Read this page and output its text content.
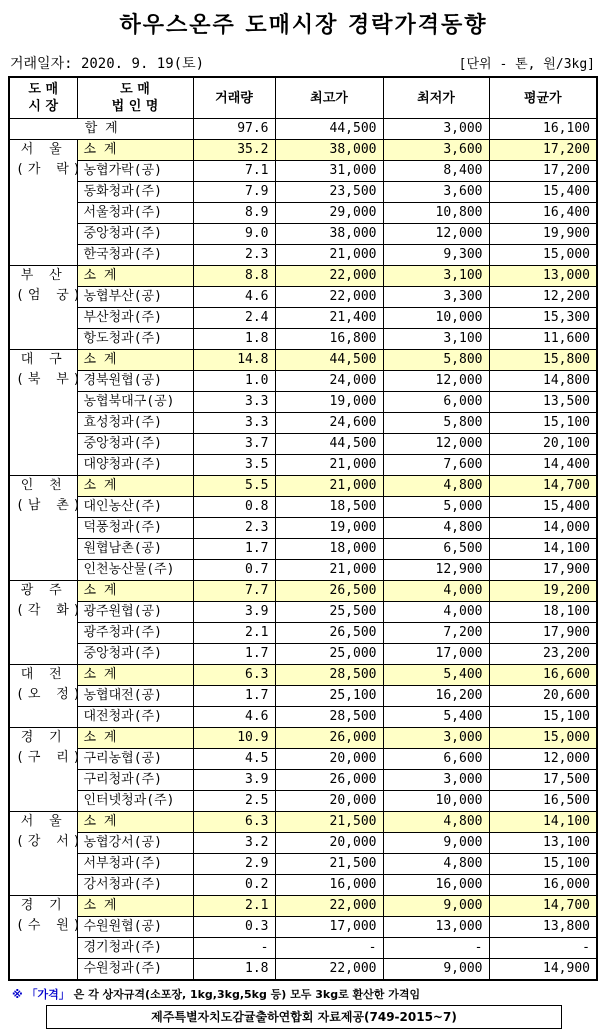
하우스온주 도매시장 경락가격동향
거래일자: 2020. 9. 19(토)	[단위 - 톤, 원/3kg]
도 매
시 장	도 매
법 인 명	거래량	최고가	최저가	평균가
합 계		97.6	44,500	3,000	16,100

서 울
(가 락)	소 계	35.2	38,000	3,600	17,200
	농협가락(공)	7.1	31,000	8,400	17,200
	동화청과(주)	7.9	23,500	3,600	15,400
	서울청과(주)	8.9	29,000	10,800	16,400
	중앙청과(주)	9.0	38,000	12,000	19,900
	한국청과(주)	2.3	21,000	9,300	15,000

부 산
(엄 궁)	소 계	8.8	22,000	3,100	13,000
	농협부산(공)	4.6	22,000	3,300	12,200
	부산청과(주)	2.4	21,400	10,000	15,300
	항도청과(주)	1.8	16,800	3,100	11,600

대 구
(북 부)	소 계	14.8	44,500	5,800	15,800
	경북원협(공)	1.0	24,000	12,000	14,800
	농협북대구(공)	3.3	19,000	6,000	13,500
	효성청과(주)	3.3	24,600	5,800	15,100
	중앙청과(주)	3.7	44,500	12,000	20,100
	대양청과(주)	3.5	21,000	7,600	14,400

인 천
(남 촌)	소 계	5.5	21,000	4,800	14,700
	대인농산(주)	0.8	18,500	5,000	15,400
	덕풍청과(주)	2.3	19,000	4,800	14,000
	원협남촌(공)	1.7	18,000	6,500	14,100
	인천농산물(주)	0.7	21,000	12,900	17,900

광 주
(각 화)	소 계	7.7	26,500	4,000	19,200
	광주원협(공)	3.9	25,500	4,000	18,100
	광주청과(주)	2.1	26,500	7,200	17,900
	중앙청과(주)	1.7	25,000	17,000	23,200

대 전
(오 정)	소 계	6.3	28,500	5,400	16,600
	농협대전(공)	1.7	25,100	16,200	20,600
	대전청과(주)	4.6	28,500	5,400	15,100

경 기
(구 리)	소 계	10.9	26,000	3,000	15,000
	구리농협(공)	4.5	20,000	6,600	12,000
	구리청과(주)	3.9	26,000	3,000	17,500
	인터넷청과(주)	2.5	20,000	10,000	16,500

서 울
(강 서)	소 계	6.3	21,500	4,800	14,100
	농협강서(공)	3.2	20,000	9,000	13,100
	서부청과(주)	2.9	21,500	4,800	15,100
	강서청과(주)	0.2	16,000	16,000	16,000

경 기
(수 원)	소 계	2.1	22,000	9,000	14,700
	수원원협(공)	0.3	17,000	13,000	13,800
	경기청과(주)	-	-	-	-
	수원청과(주)	1.8	22,000	9,000	14,900
※ 「가격」 은 각 상자규격(소포장, 1kg,3kg,5kg 등) 모두 3kg로 환산한 가격임
제주특별자치도감귤출하연합회 자료제공(749-2015~7)
